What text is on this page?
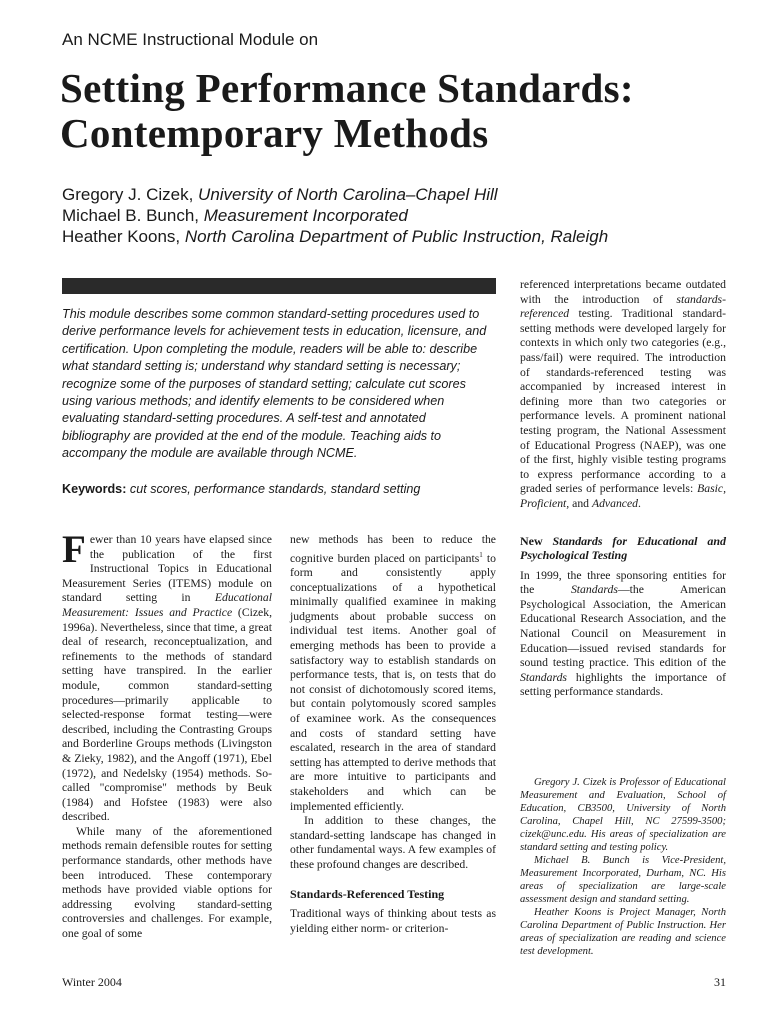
An NCME Instructional Module on
Setting Performance Standards:
Contemporary Methods
Gregory J. Cizek, University of North Carolina–Chapel Hill
Michael B. Bunch, Measurement Incorporated
Heather Koons, North Carolina Department of Public Instruction, Raleigh
This module describes some common standard-setting procedures used to derive performance levels for achievement tests in education, licensure, and certification. Upon completing the module, readers will be able to: describe what standard setting is; understand why standard setting is necessary; recognize some of the purposes of standard setting; calculate cut scores using various methods; and identify elements to be considered when evaluating standard-setting procedures. A self-test and annotated bibliography are provided at the end of the module. Teaching aids to accompany the module are available through NCME.
Keywords: cut scores, performance standards, standard setting

Fewer than 10 years have elapsed since the publication of the first Instructional Topics in Educational Measurement Series (ITEMS) module on standard setting in Educational Measurement: Issues and Practice (Cizek, 1996a). Nevertheless, since that time, a great deal of research, reconceptualization, and refinements to the methods of standard setting have transpired. In the earlier module, common standard-setting procedures—primarily applicable to selected-response format testing—were described, including the Contrasting Groups and Borderline Groups methods (Livingston & Zieky, 1982), and the Angoff (1971), Ebel (1972), and Nedelsky (1954) methods. So-called "compromise" methods by Beuk (1984) and Hofstee (1983) were also described.

While many of the aforementioned methods remain defensible routes for setting performance standards, other methods have been introduced. These contemporary methods have provided viable options for addressing evolving standard-setting controversies and challenges. For example, one goal of some

new methods has been to reduce the cognitive burden placed on participants$^1$ to form and consistently apply conceptualizations of a hypothetical minimally qualified examinee in making judgments about probable success on individual test items. Another goal of emerging methods has been to provide a satisfactory way to establish standards on performance tests, that is, on tests that do not consist of dichotomously scored items, but contain polytomously scored samples of examinee work. As the consequences and costs of standard setting have escalated, research in the area of standard setting has attempted to derive methods that are more intuitive to participants and stakeholders and which can be implemented efficiently.

In addition to these changes, the standard-setting landscape has changed in other fundamental ways. A few examples of these profound changes are described.

Standards-Referenced Testing

Traditional ways of thinking about tests as yielding either norm- or criterion-

referenced interpretations became outdated with the introduction of standards-referenced testing. Traditional standard-setting methods were developed largely for contexts in which only two categories (e.g., pass/fail) were required. The introduction of standards-referenced testing was accompanied by increased interest in defining more than two categories or performance levels. A prominent national testing program, the National Assessment of Educational Progress (NAEP), was one of the first, highly visible testing programs to express performance according to a graded series of performance levels: Basic, Proficient, and Advanced.

New Standards for Educational and Psychological Testing

In 1999, the three sponsoring entities for the Standards—the American Psychological Association, the American Educational Research Association, and the National Council on Measurement in Education—issued revised standards for sound testing practice. This edition of the Standards highlights the importance of setting performance standards.

Gregory J. Cizek is Professor of Educational Measurement and Evaluation, School of Education, CB3500, University of North Carolina, Chapel Hill, NC 27599-3500; cizek@unc.edu. His areas of specialization are standard setting and testing policy.

Michael B. Bunch is Vice-President, Measurement Incorporated, Durham, NC. His areas of specialization are large-scale assessment design and standard setting.

Heather Koons is Project Manager, North Carolina Department of Public Instruction. Her areas of specialization are reading and science test development.

Winter 2004	31
